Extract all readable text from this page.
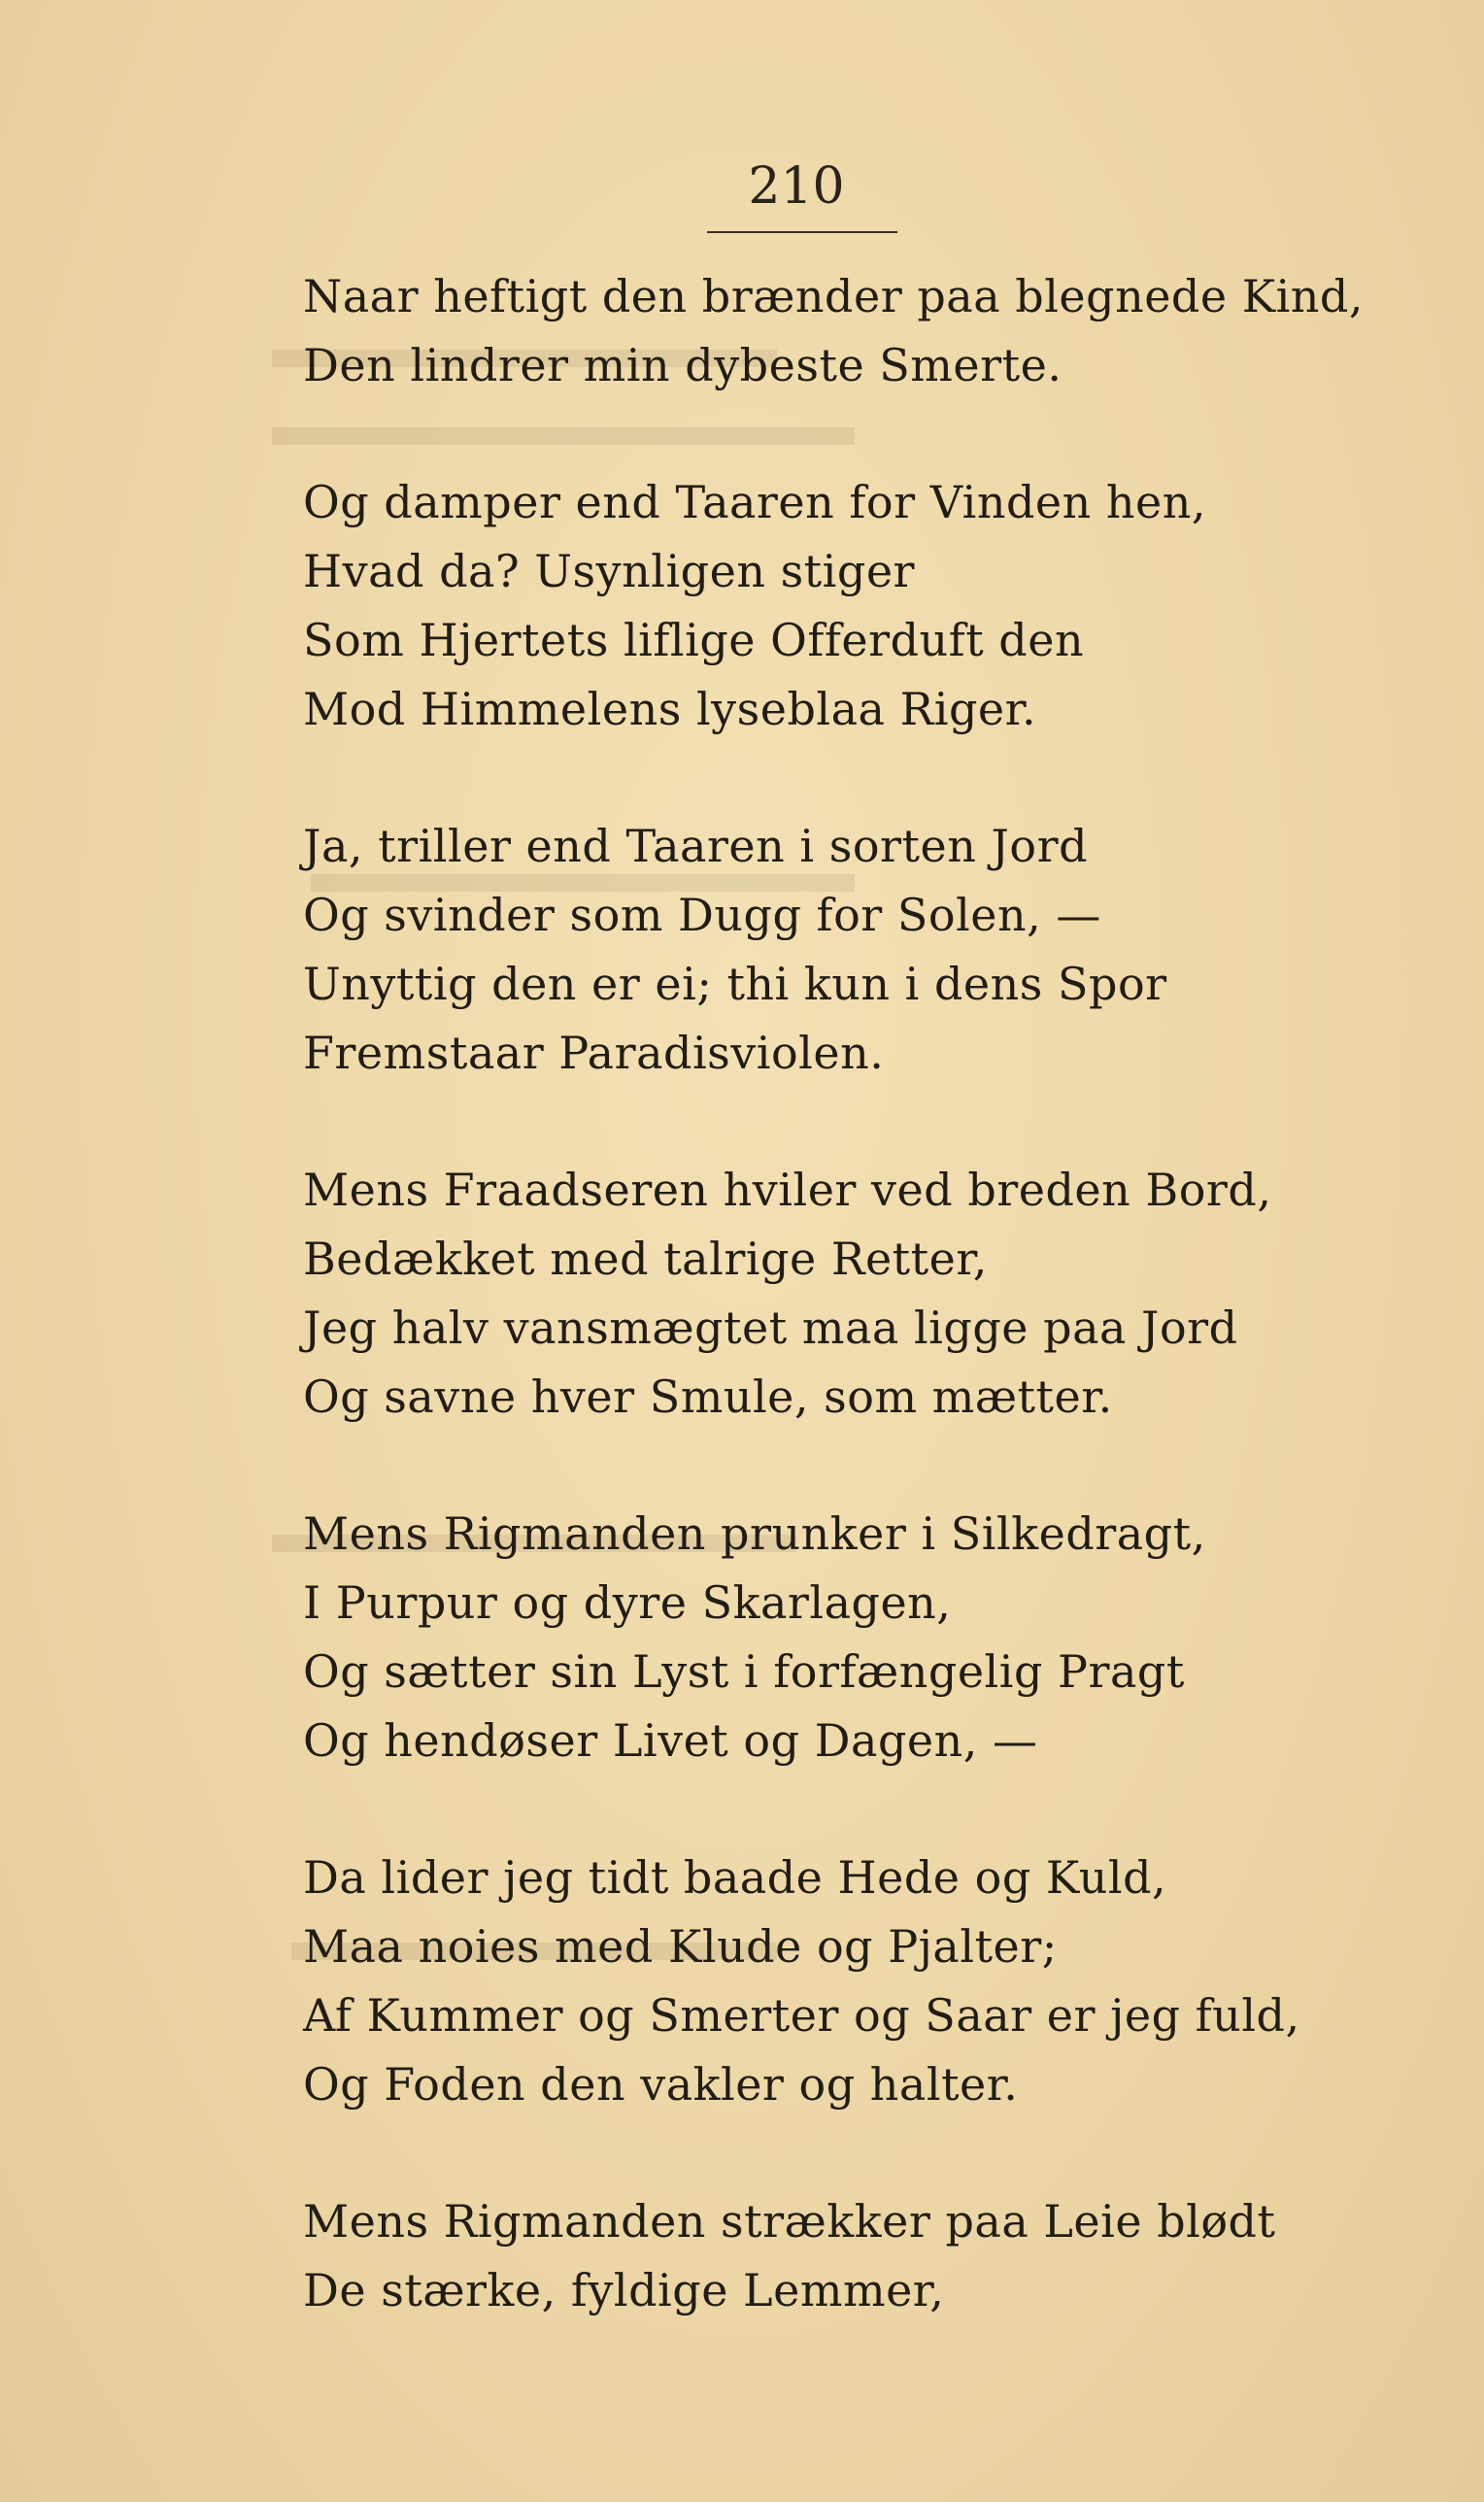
210
Naar heftigt den brænder paa blegnede Kind,
Den lindrer min dybeste Smerte.
Og damper end Taaren for Vinden hen,
Hvad da? Usynligen stiger
Som Hjertets liflige Offerduft den
Mod Himmelens lyseblaa Riger.
Ja, triller end Taaren i sorten Jord
Og svinder som Dugg for Solen, —
Unyttig den er ei; thi kun i dens Spor
Fremstaar Paradisviolen.
Mens Fraadseren hviler ved breden Bord,
Bedækket med talrige Retter,
Jeg halv vansmægtet maa ligge paa Jord
Og savne hver Smule, som mætter.
Mens Rigmanden prunker i Silkedragt,
I Purpur og dyre Skarlagen,
Og sætter sin Lyst i forfængelig Pragt
Og hendøser Livet og Dagen, —
Da lider jeg tidt baade Hede og Kuld,
Maa noies med Klude og Pjalter;
Af Kummer og Smerter og Saar er jeg fuld,
Og Foden den vakler og halter.
Mens Rigmanden strækker paa Leie blødt
De stærke, fyldige Lemmer,
